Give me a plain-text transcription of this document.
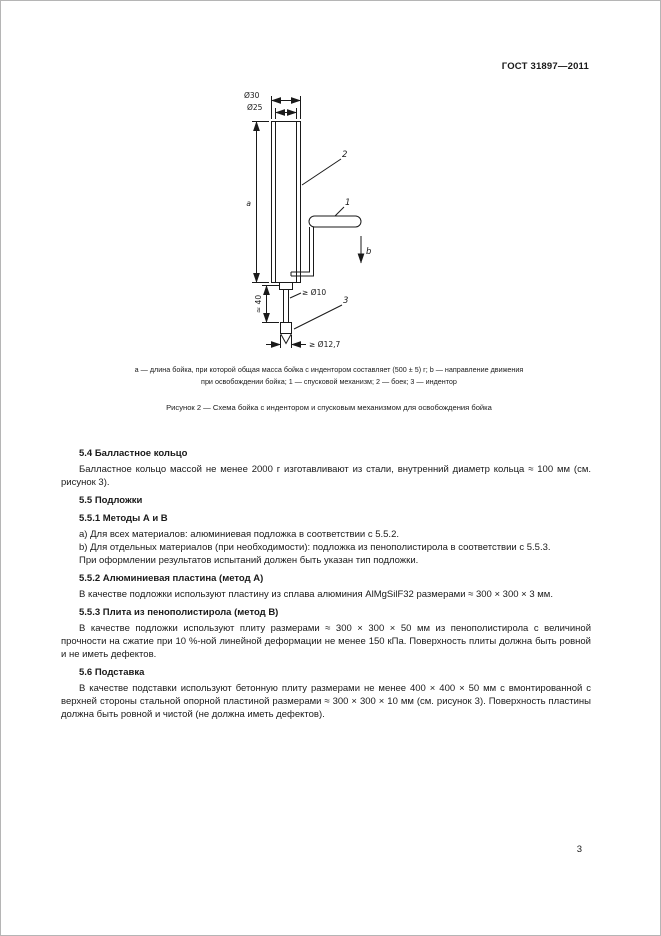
ГОСТ 31897—2011
Ø30
Ø25
a
≈ 40
≥ Ø10
≥ Ø12,7
2
1
3
b
а — длина бойка, при которой общая масса бойка с индентором составляет (500 ± 5) г; b — направление движения
при освобождении бойка; 1 — спусковой механизм; 2 — боек; 3 — индентор
Рисунок 2 — Схема бойка с индентором и спусковым механизмом для освобождения бойка
5.4 Балластное кольцо

Балластное кольцо массой не менее 2000 г изготавливают из стали, внутренний диаметр кольца ≈ 100 мм (см. рисунок 3).

5.5 Подложки
5.5.1 Методы А и В

a) Для всех материалов: алюминиевая подложка в соответствии с 5.5.2.

b) Для отдельных материалов (при необходимости): подложка из пенополистирола в соответствии с 5.5.3.

При оформлении результатов испытаний должен быть указан тип подложки.

5.5.2 Алюминиевая пластина (метод А)

В качестве подложки используют пластину из сплава алюминия AlMgSilF32 размерами ≈ 300 × 300 × 3 мм.

5.5.3 Плита из пенополистирола (метод В)

В качестве подложки используют плиту размерами ≈ 300 × 300 × 50 мм из пенополистирола с величиной прочности на сжатие при 10 %-ной линейной деформации не менее 150 кПа. Поверхность плиты должна быть ровной и не иметь дефектов.

5.6 Подставка

В качестве подставки используют бетонную плиту размерами не менее 400 × 400 × 50 мм с вмонтированной с верхней стороны стальной опорной пластиной размерами ≈ 300 × 300 × 10 мм (см. рисунок 3). Поверхность пластины должна быть ровной и чистой (не должна иметь дефектов).

3
